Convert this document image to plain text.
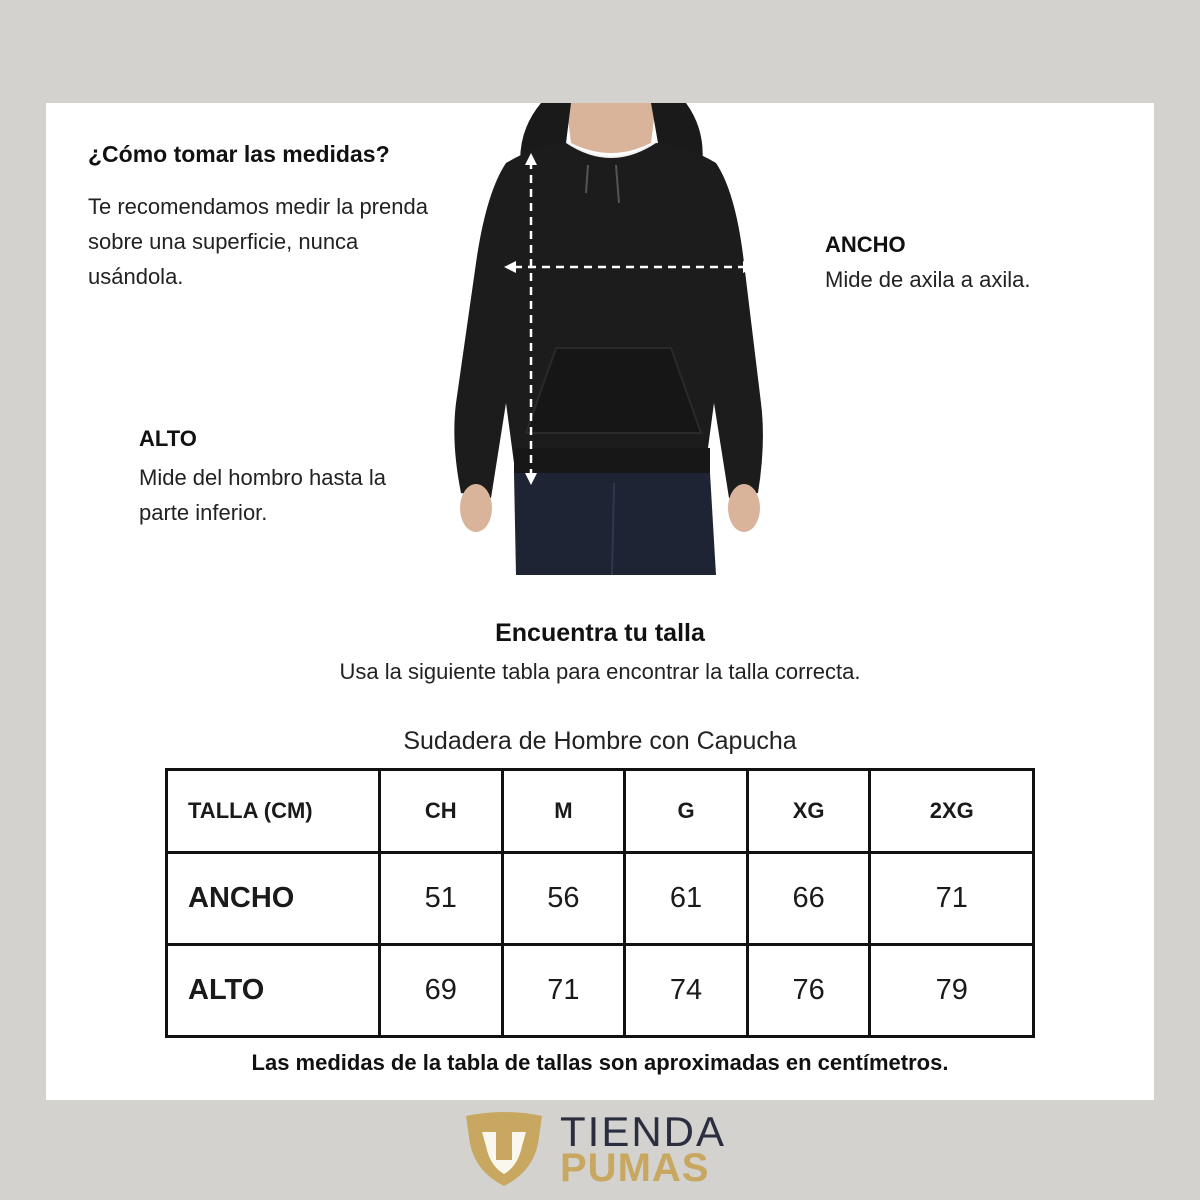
¿Cómo tomar las medidas?
Te recomendamos medir la prenda sobre una superficie, nunca usándola.
ANCHO
Mide de axila a axila.
ALTO
Mide del hombro hasta la parte inferior.
Encuentra tu talla
Usa la siguiente tabla para encontrar la talla correcta.
Sudadera de Hombre con Capucha
TALLA (CM)	CH	M	G	XG	2XG
ANCHO	51	56	61	66	71
ALTO	69	71	74	76	79
Las medidas de la tabla de tallas son aproximadas en centímetros.
TIENDA
PUMAS
